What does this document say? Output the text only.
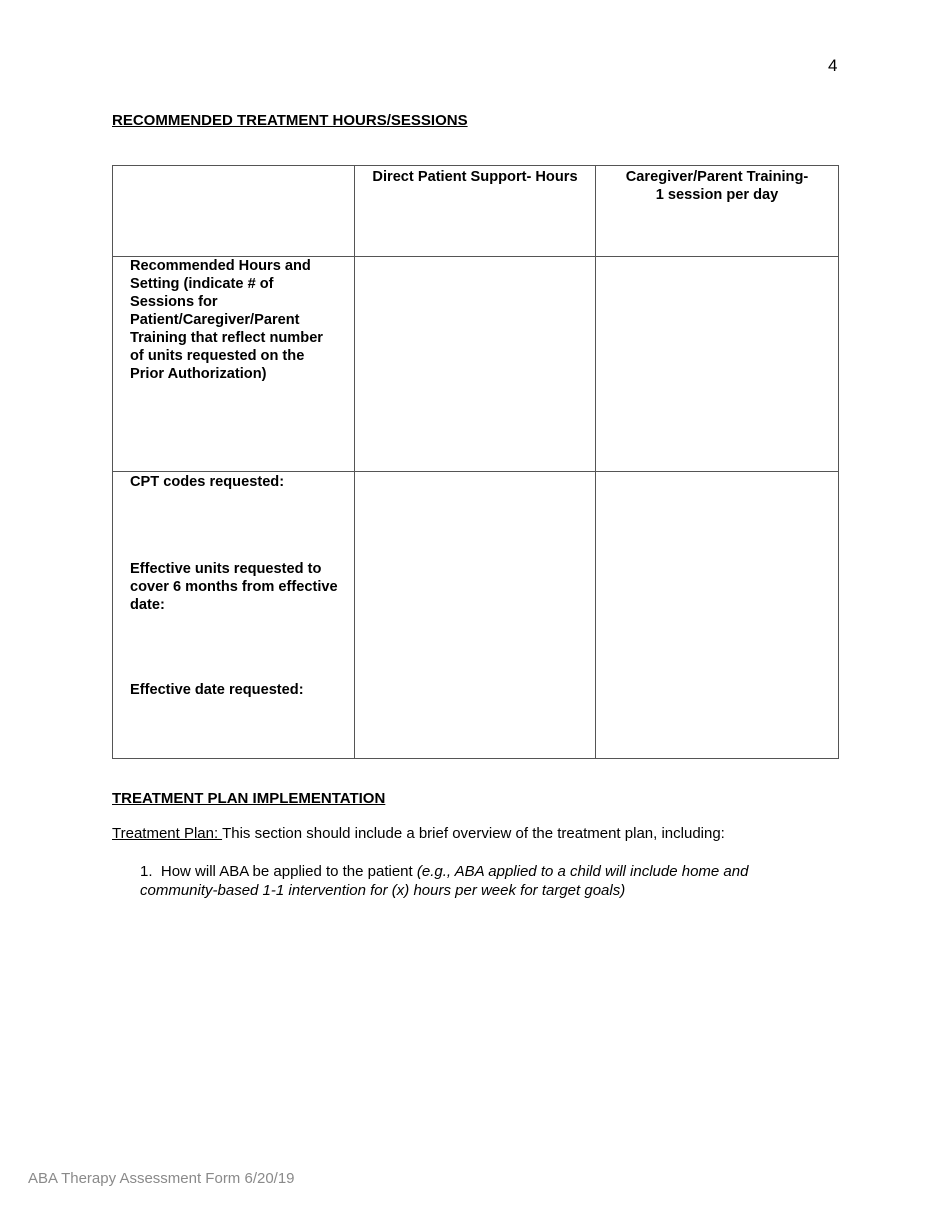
4
RECOMMENDED TREATMENT HOURS/SESSIONS
	Direct Patient Support- Hours	Caregiver/Parent Training-
1 session per day

Recommended Hours and Setting (indicate # of Sessions for Patient/Caregiver/Parent Training that reflect number of units requested on the Prior Authorization)		

CPT codes requested:

Effective units requested to cover 6 months from effective date:

Effective date requested:		

TREATMENT PLAN IMPLEMENTATION
Treatment Plan: This section should include a brief overview of the treatment plan, including:
1. How will ABA be applied to the patient (e.g., ABA applied to a child will include home and community-based 1-1 intervention for (x) hours per week for target goals)
ABA Therapy Assessment Form 6/20/19
